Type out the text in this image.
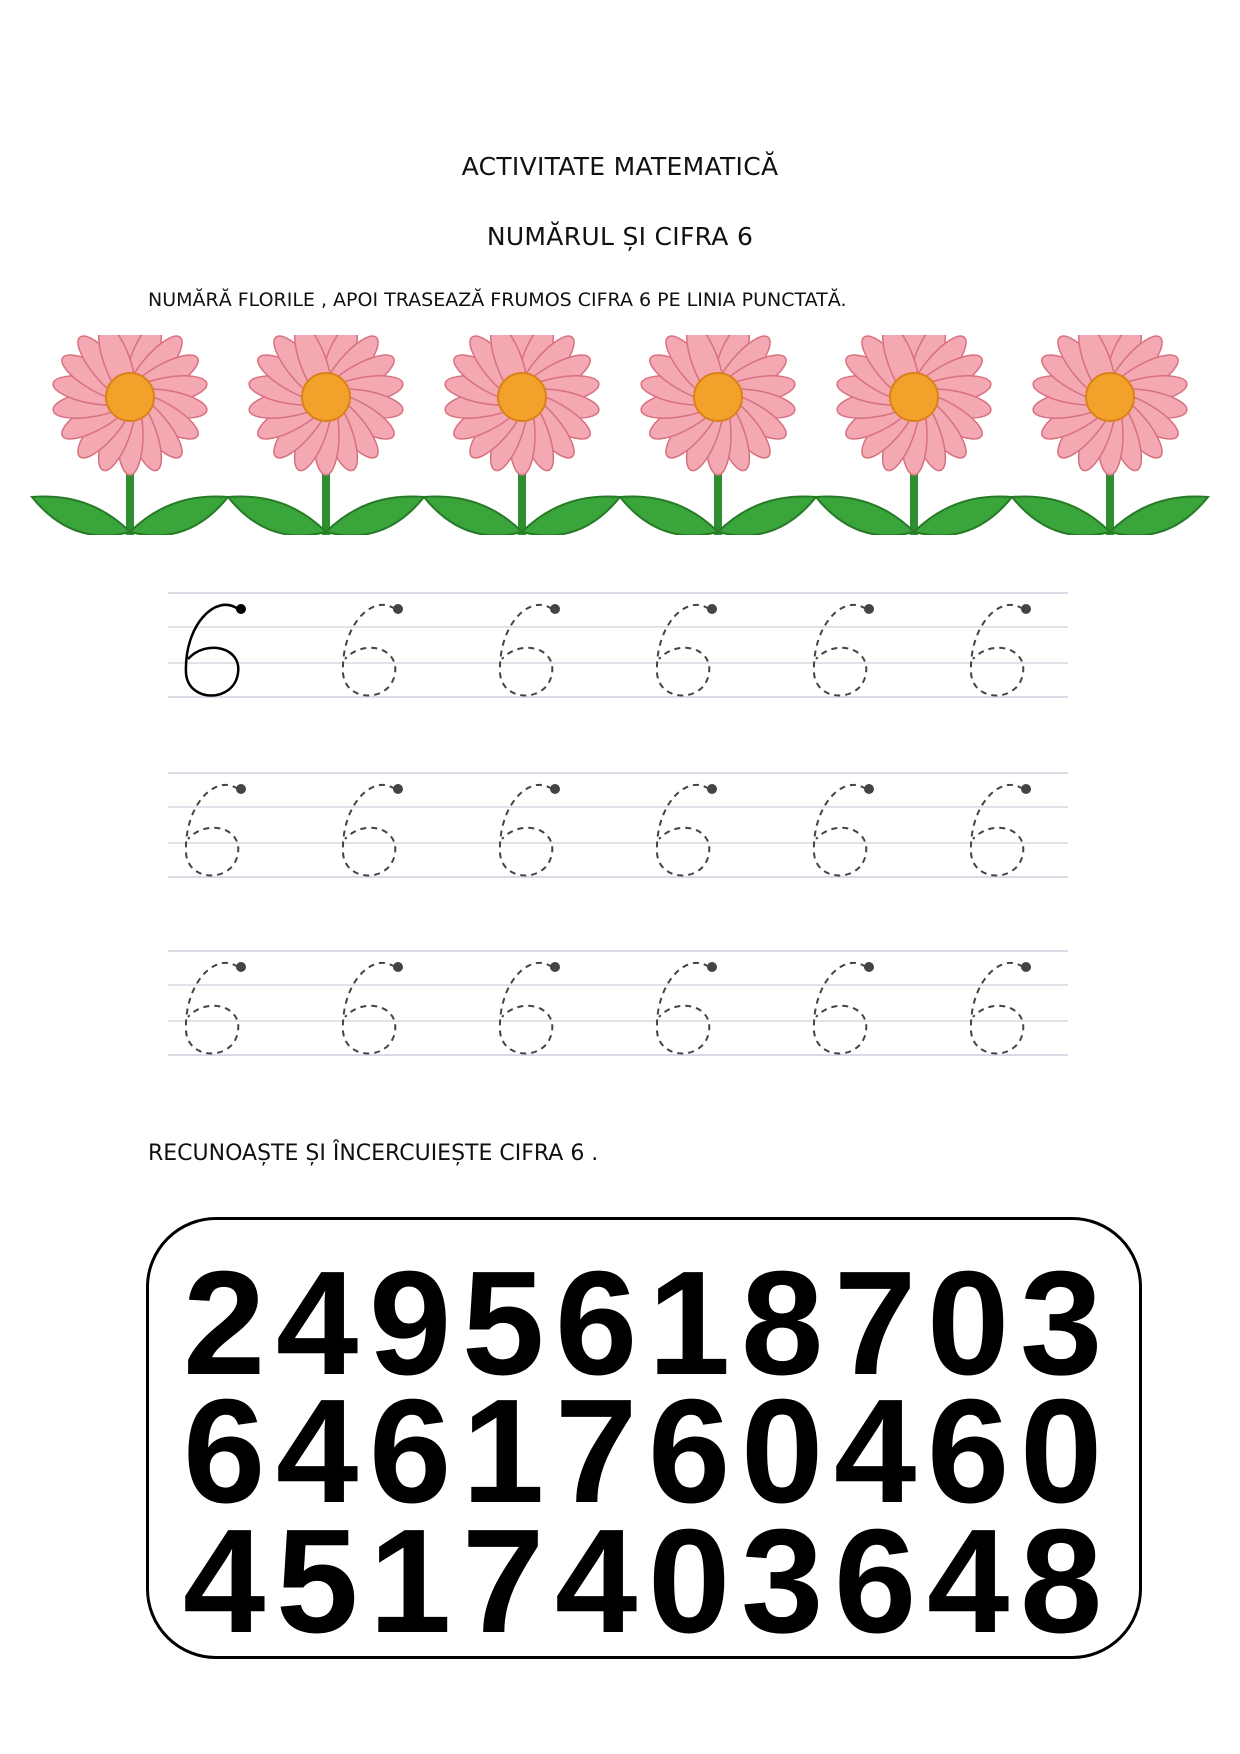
ACTIVITATE MATEMATICĂ
NUMĂRUL ȘI CIFRA 6
NUMĂRĂ FLORILE , APOI TRASEAZĂ FRUMOS CIFRA 6 PE LINIA PUNCTATĂ.
RECUNOAȘTE ȘI ÎNCERCUIEȘTE CIFRA 6 .
2 4 9 5 6 1 8 7 0 3
6 4 6 1 7 6 0 4 6 0
4 5 1 7 4 0 3 6 4 8
